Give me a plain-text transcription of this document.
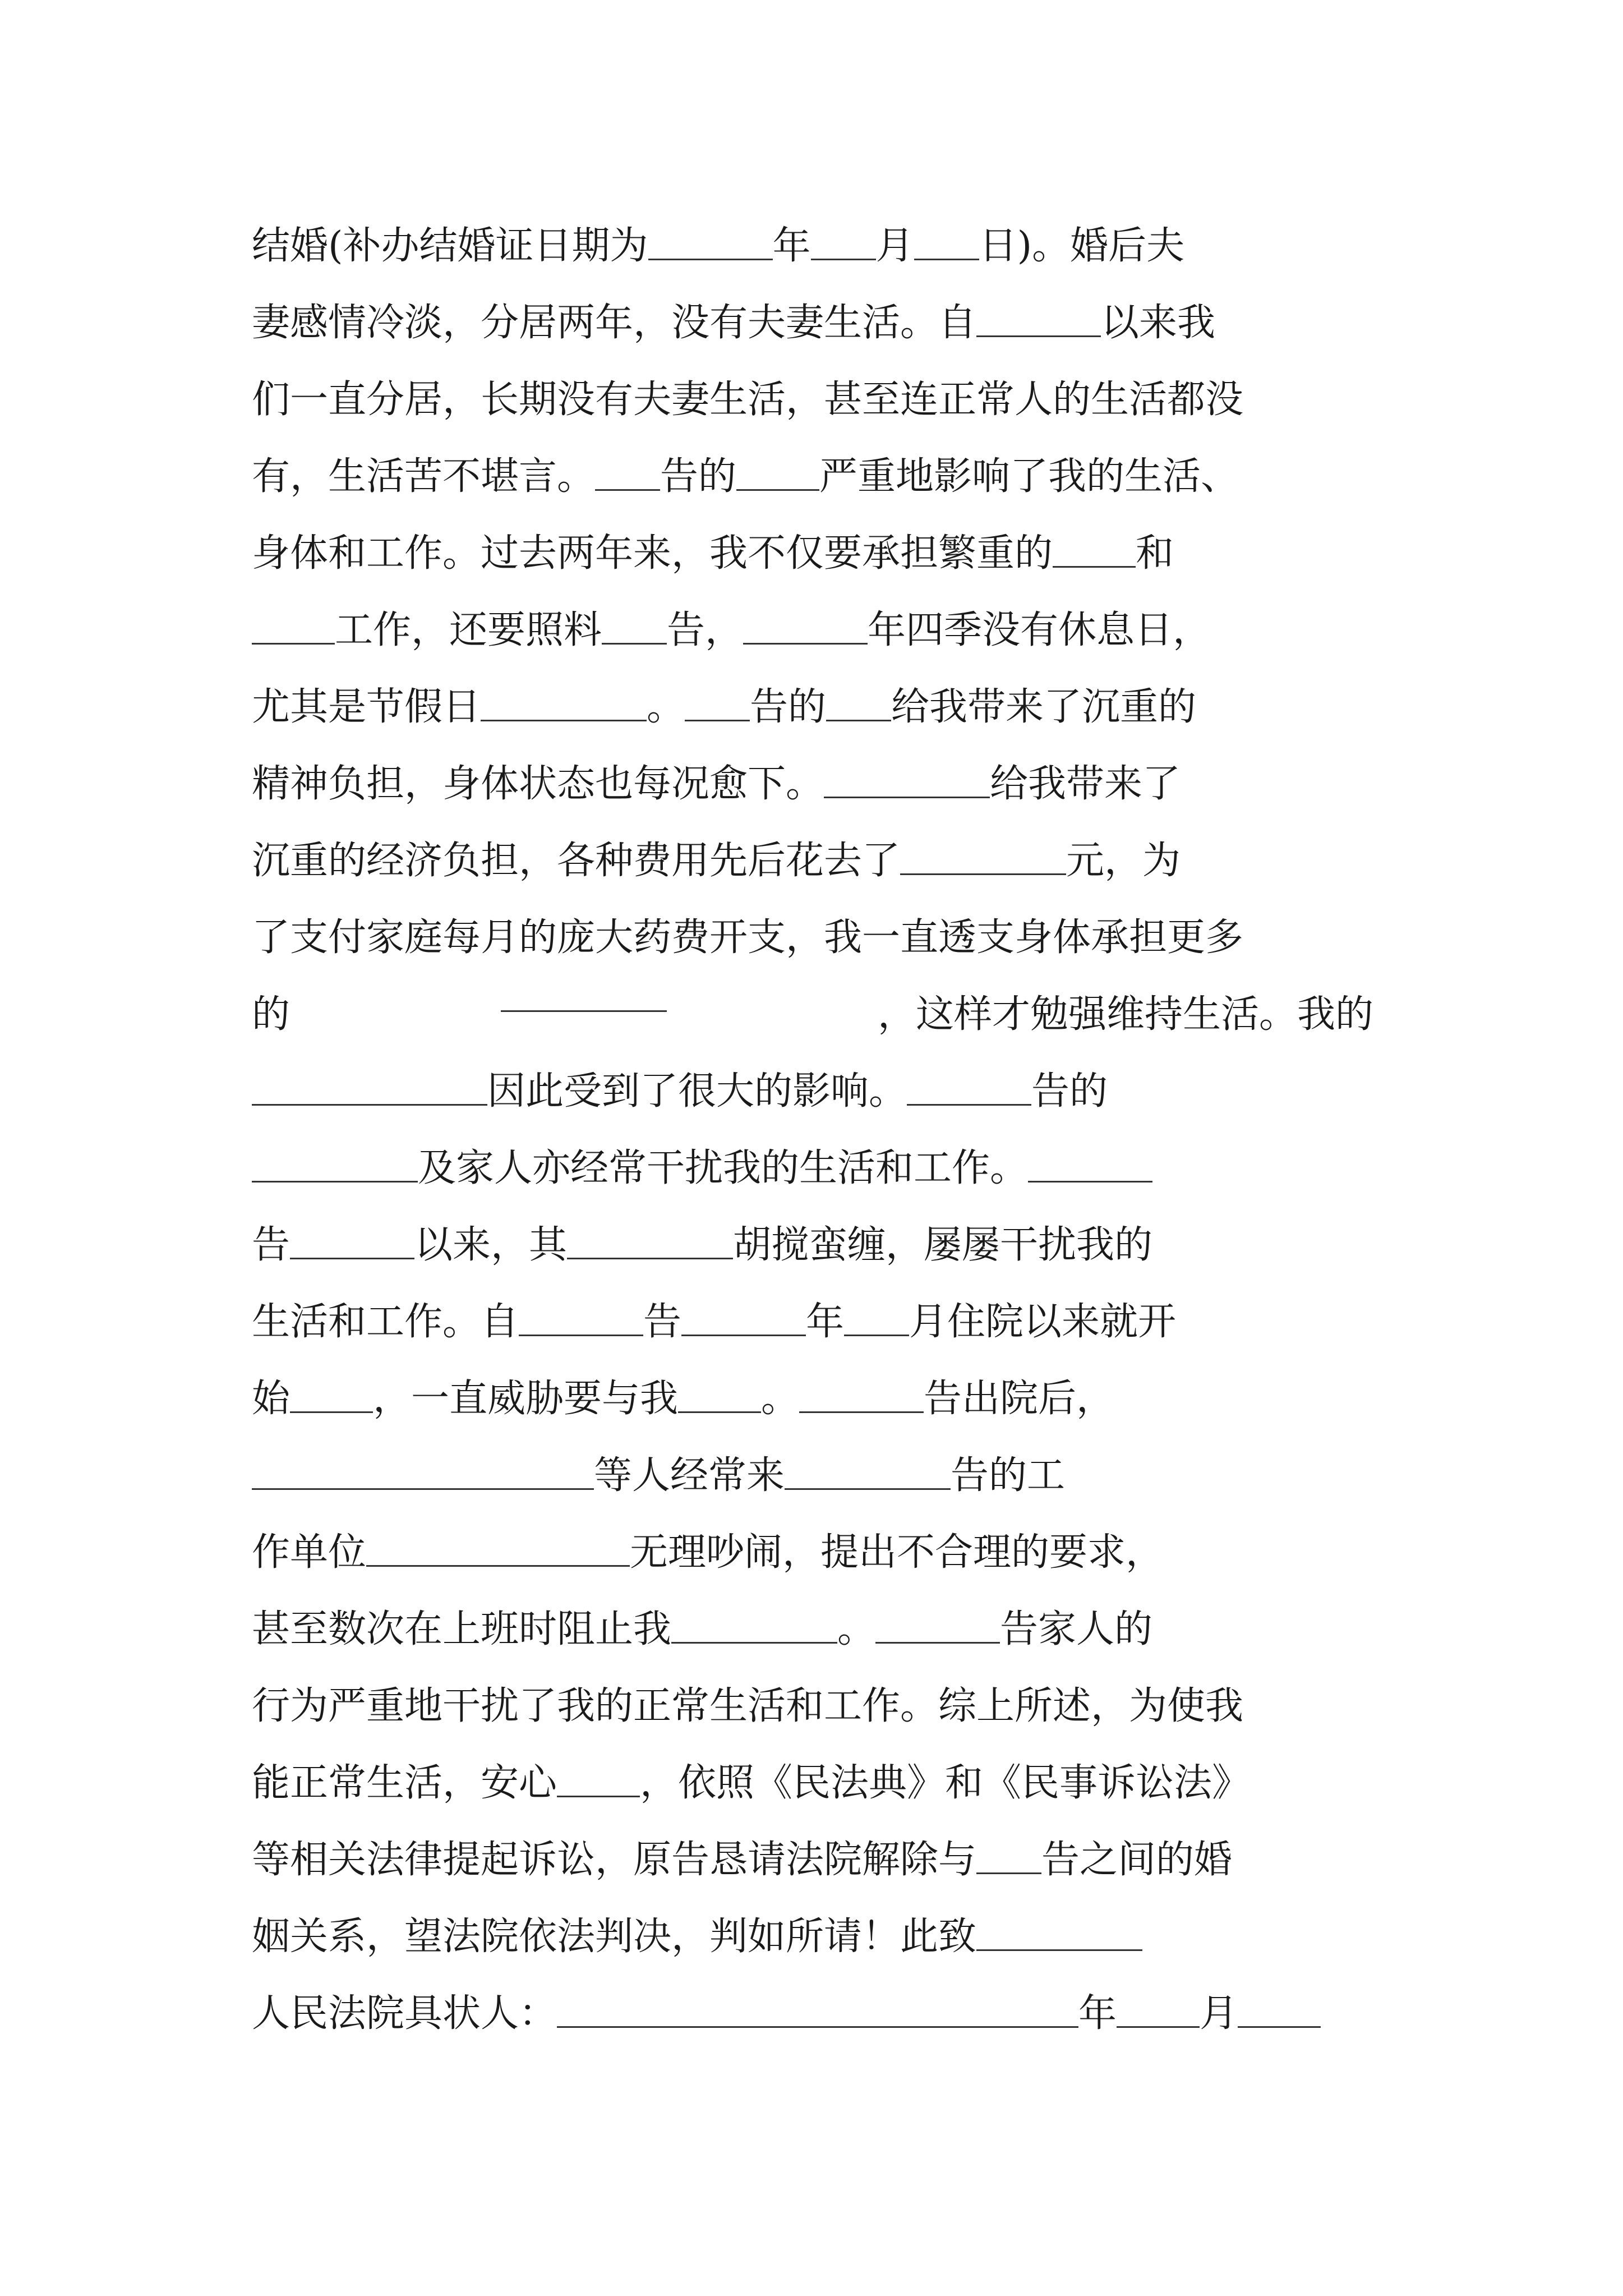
结婚(补办结婚证日期为	年 月 日)。婚后夫
妻感情冷淡，分居两年，没有夫妻生活。自	以来我
们一直分居，长期没有夫妻生活，甚至连正常人的生活都没
有，生活苦不堪言。 告的 严重地影响了我的生活、
身体和工作。过去两年来，我不仅要承担繁重的 和
工作，还要照料 告，	年四季没有休息日，
尤其是节假日	。 告的 给我带来了沉重的
精神负担，身体状态也每况愈下。	给我带来了
沉重的经济负担，各种费用先后花去了	元，为
了支付家庭每月的庞大药费开支，我一直透支身体承担更多
的	，这样才勉强维持生活。我的
因此受到了很大的影响。	告的
及家人亦经常干扰我的生活和工作。
告	以来，其	胡搅蛮缠，屡屡干扰我的
生活和工作。自	告	年 月住院以来就开
始 ，一直威胁要与我 。	告出院后，
等人经常来	告的工
作单位	无理吵闹，提出不合理的要求，
甚至数次在上班时阻止我	。	告家人的
行为严重地干扰了我的正常生活和工作。综上所述，为使我
能正常生活，安心 ，依照《民法典》和《民事诉讼法》
等相关法律提起诉讼，原告恳请法院解除与 告之间的婚
姻关系，望法院依法判决，判如所请！此致
人民法院具状人：	年 月
